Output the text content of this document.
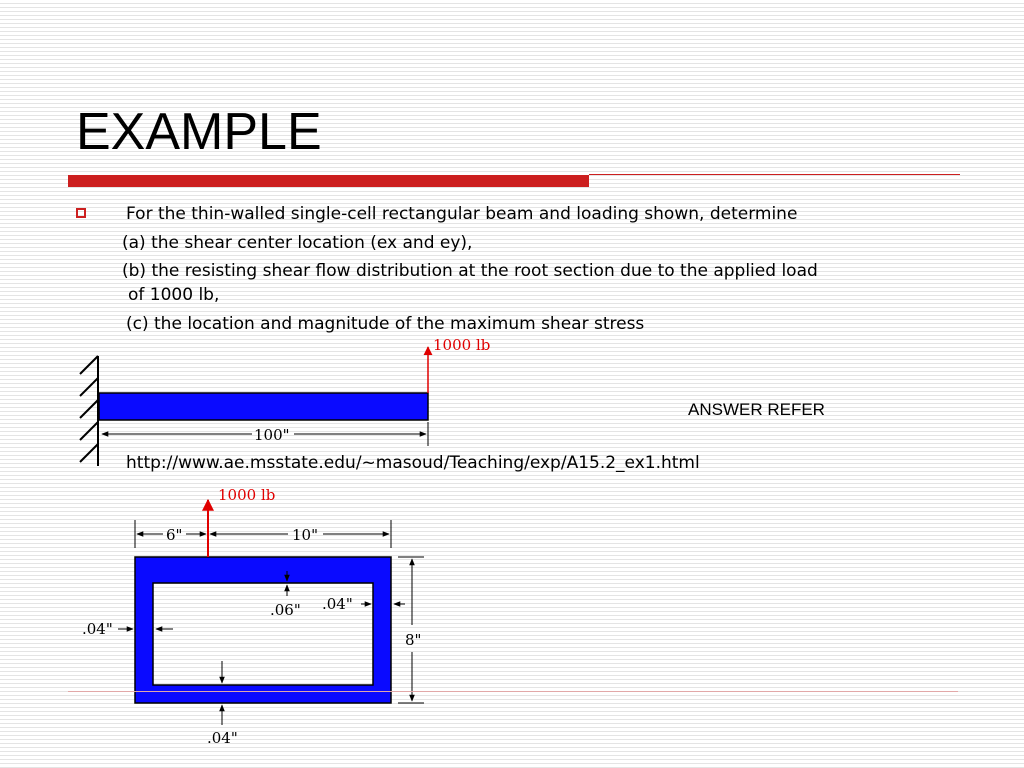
EXAMPLE
For the thin-walled single-cell rectangular beam and loading shown, determine
(a) the shear center location (ex and ey),
(b) the resisting shear flow distribution at the root section due to the applied load
of 1000 lb,
(c) the location and magnitude of the maximum shear stress
ANSWER REFER
http://www.ae.msstate.edu/~masoud/Teaching/exp/A15.2_ex1.html
1000 lb
100"
1000 lb
6"	10"
8"
.06" .04"
.04"
.04"
